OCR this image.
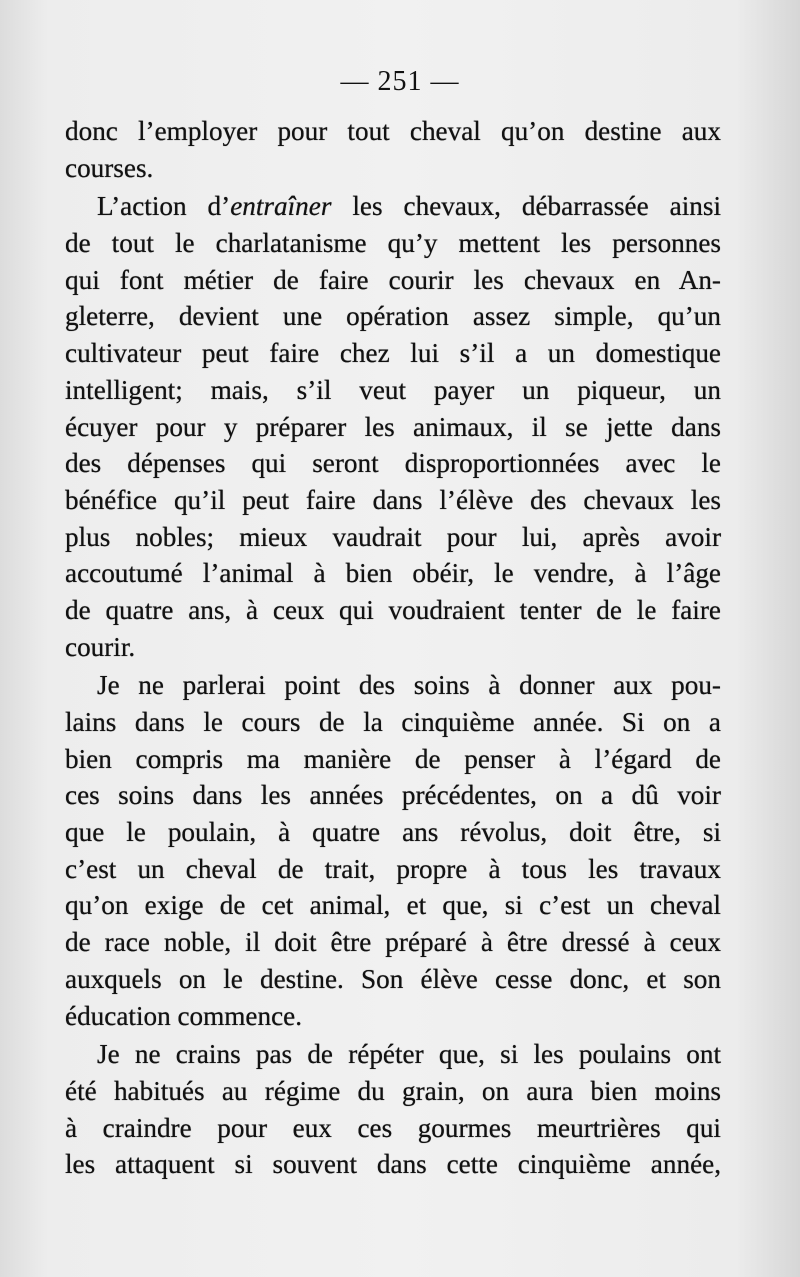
— 251 —
donc l’employer pour tout cheval qu’on destine aux
courses.
L’action d’entraîner les chevaux, débarrassée ainsi
de tout le charlatanisme qu’y mettent les personnes
qui font métier de faire courir les chevaux en An-
gleterre, devient une opération assez simple, qu’un
cultivateur peut faire chez lui s’il a un domestique
intelligent; mais, s’il veut payer un piqueur, un
écuyer pour y préparer les animaux, il se jette dans
des dépenses qui seront disproportionnées avec le
bénéfice qu’il peut faire dans l’élève des chevaux les
plus nobles; mieux vaudrait pour lui, après avoir
accoutumé l’animal à bien obéir, le vendre, à l’âge
de quatre ans, à ceux qui voudraient tenter de le faire
courir.
Je ne parlerai point des soins à donner aux pou-
lains dans le cours de la cinquième année. Si on a
bien compris ma manière de penser à l’égard de
ces soins dans les années précédentes, on a dû voir
que le poulain, à quatre ans révolus, doit être, si
c’est un cheval de trait, propre à tous les travaux
qu’on exige de cet animal, et que, si c’est un cheval
de race noble, il doit être préparé à être dressé à ceux
auxquels on le destine. Son élève cesse donc, et son
éducation commence.
Je ne crains pas de répéter que, si les poulains ont
été habitués au régime du grain, on aura bien moins
à craindre pour eux ces gourmes meurtrières qui
les attaquent si souvent dans cette cinquième année,
